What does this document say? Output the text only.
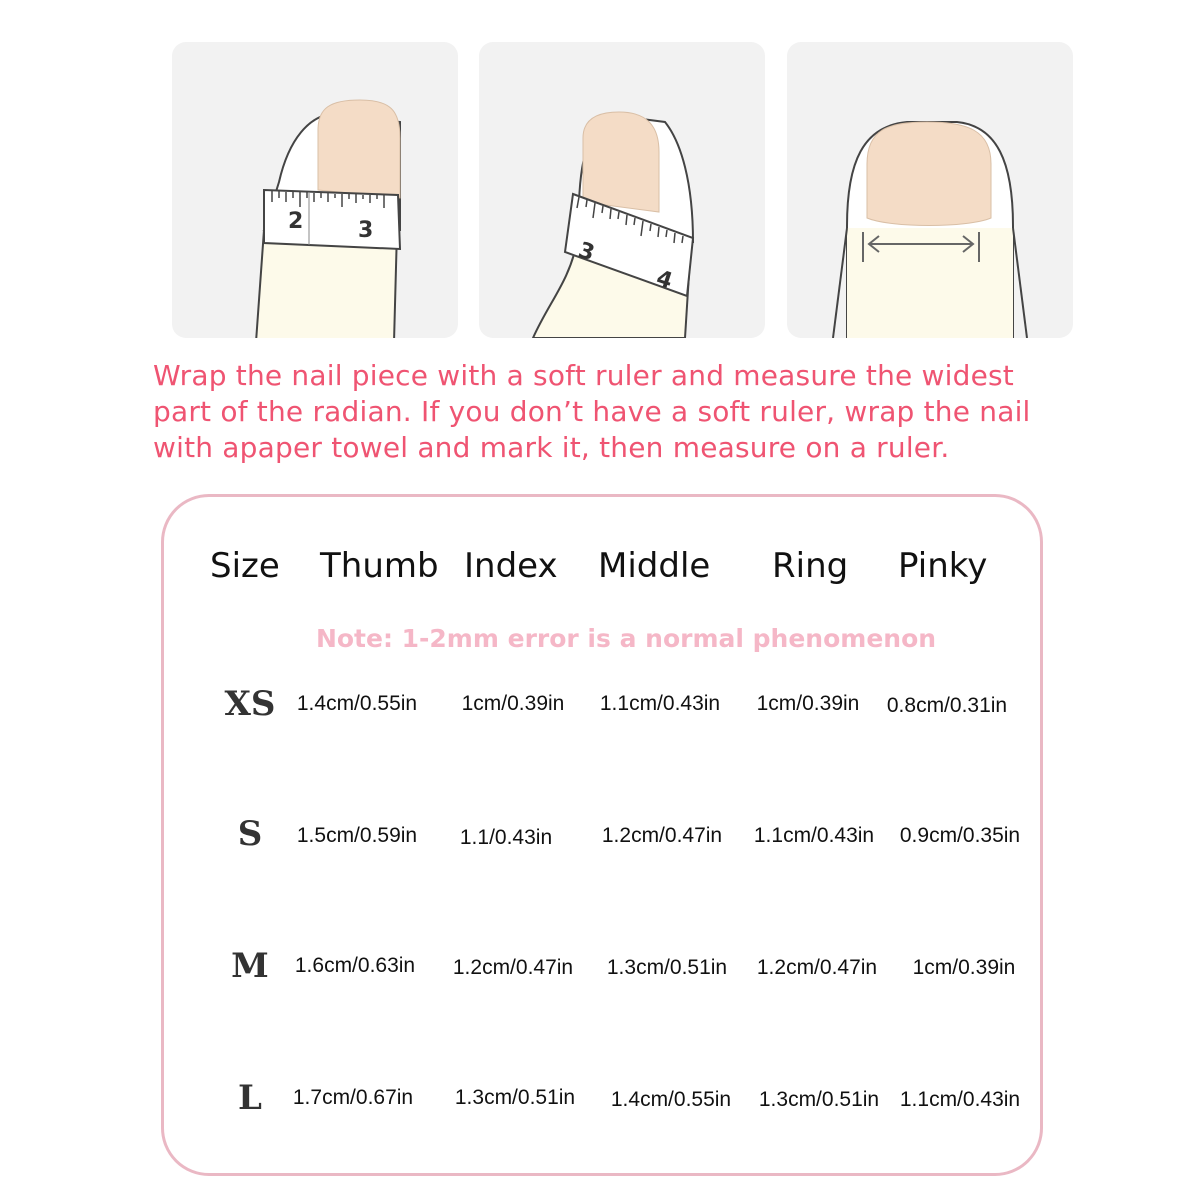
2 3
3
4

Wrap the nail piece with a soft ruler and measure the widest part of the radian. If you don’t have a soft ruler, wrap the nail with apaper towel and mark it, then measure on a ruler.

Size Thumb Index Middle Ring Pinky
Note: 1-2mm error is a normal phenomenon
XS	1.4cm/0.55in	1cm/0.39in	1.1cm/0.43in	1cm/0.39in	0.8cm/0.31in
S	1.5cm/0.59in	1.1/0.43in	1.2cm/0.47in	1.1cm/0.43in	0.9cm/0.35in
M	1.6cm/0.63in	1.2cm/0.47in	1.3cm/0.51in	1.2cm/0.47in	1cm/0.39in
L	1.7cm/0.67in	1.3cm/0.51in	1.4cm/0.55in	1.3cm/0.51in 1.1cm/0.43in
